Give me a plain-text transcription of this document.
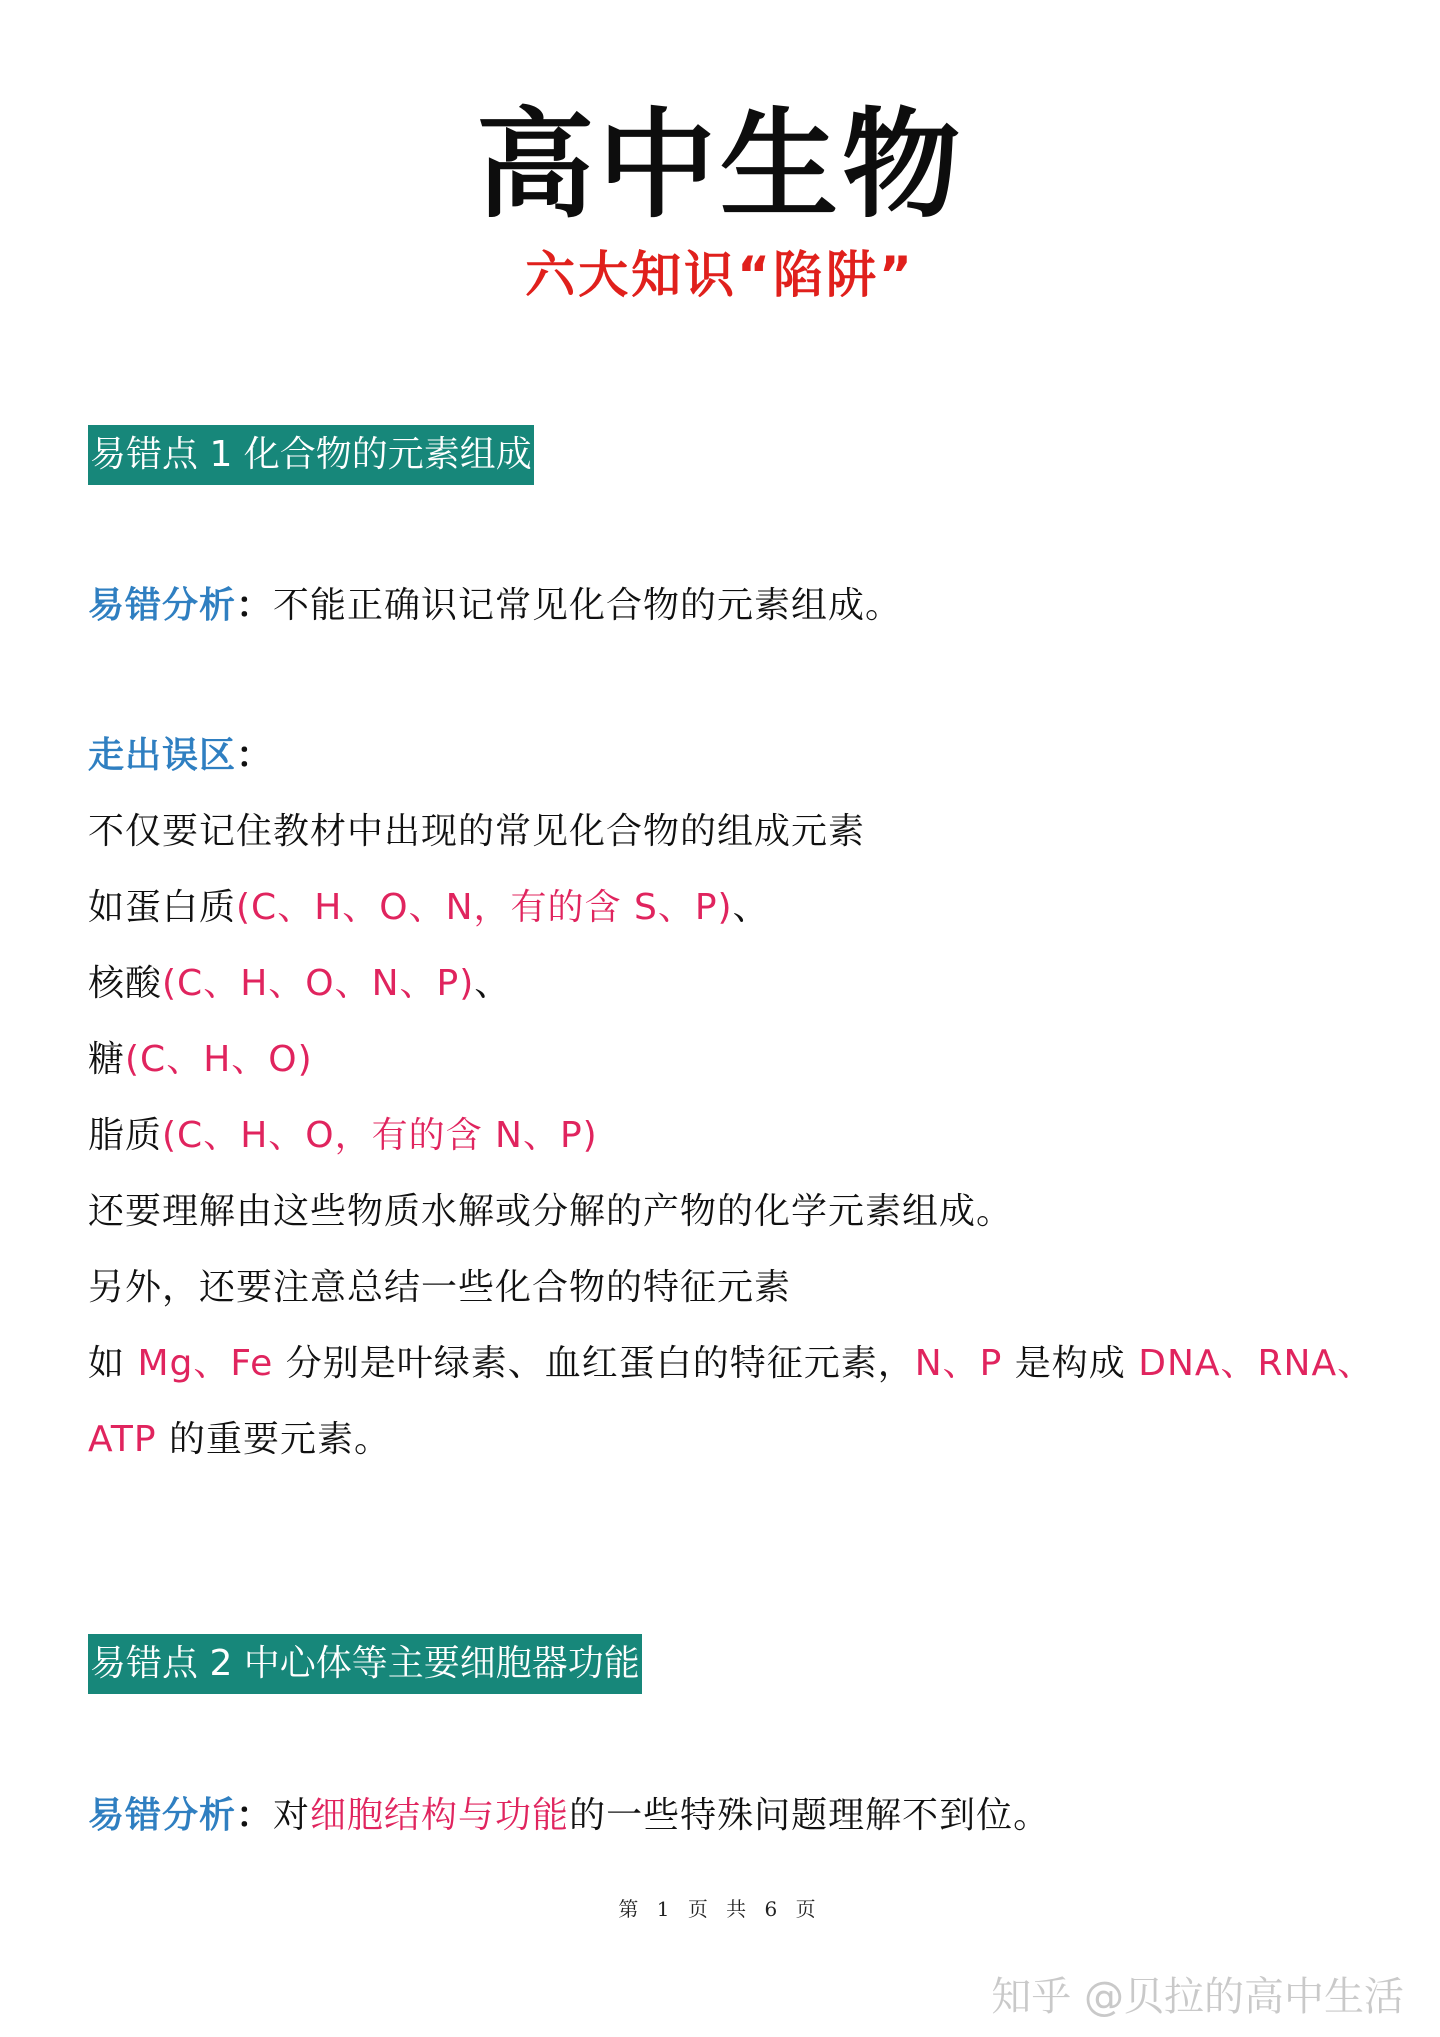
高中生物
六大知识“陷阱”
易错点 1 化合物的元素组成
易错分析：不能正确识记常见化合物的元素组成。
走出误区：
不仅要记住教材中出现的常见化合物的组成元素
如蛋白质(C、H、O、N，有的含 S、P)、
核酸(C、H、O、N、P)、
糖(C、H、O)
脂质(C、H、O，有的含 N、P)
还要理解由这些物质水解或分解的产物的化学元素组成。
另外，还要注意总结一些化合物的特征元素
如 Mg、Fe 分别是叶绿素、血红蛋白的特征元素，N、P 是构成 DNA、RNA、
ATP 的重要元素。
易错点 2 中心体等主要细胞器功能
易错分析：对细胞结构与功能的一些特殊问题理解不到位。
第 1 页 共 6 页
知乎 @贝拉的高中生活
